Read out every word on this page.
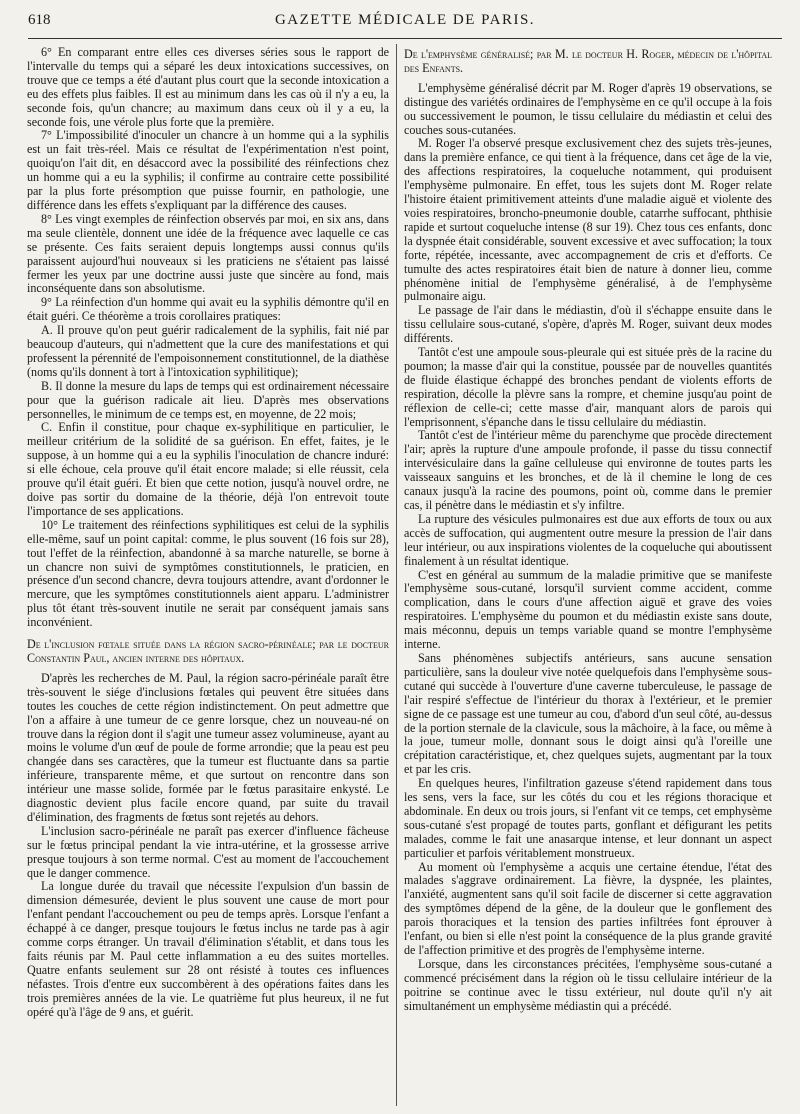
618	GAZETTE MÉDICALE DE PARIS.

6° En comparant entre elles ces diverses séries sous le rapport de l'intervalle du temps qui a séparé les deux intoxications successives, on trouve que ce temps a été d'autant plus court que la seconde intoxication a eu des effets plus faibles. Il est au minimum dans les cas où il n'y a eu, la seconde fois, qu'un chancre; au maximum dans ceux où il y a eu, la seconde fois, une vérole plus forte que la première.

7° L'impossibilité d'inoculer un chancre à un homme qui a la syphilis est un fait très-réel. Mais ce résultat de l'expérimentation n'est point, quoiqu'on l'ait dit, en désaccord avec la possibilité des réinfections chez un homme qui a eu la syphilis; il confirme au contraire cette possibilité par la plus forte présomption que puisse fournir, en pathologie, une différence dans les effets s'expliquant par la différence des causes.

8° Les vingt exemples de réinfection observés par moi, en six ans, dans ma seule clientèle, donnent une idée de la fréquence avec laquelle ce cas se présente. Ces faits seraient depuis longtemps aussi connus qu'ils paraissent aujourd'hui nouveaux si les praticiens ne s'étaient pas laissé fermer les yeux par une doctrine aussi juste que sincère au fond, mais inconséquente dans son absolutisme.

9° La réinfection d'un homme qui avait eu la syphilis démontre qu'il en était guéri. Ce théorème a trois corollaires pratiques:

A. Il prouve qu'on peut guérir radicalement de la syphilis, fait nié par beaucoup d'auteurs, qui n'admettent que la cure des manifestations et qui professent la pérennité de l'empoisonnement constitutionnel, de la diathèse (noms qu'ils donnent à tort à l'intoxication syphilitique);

B. Il donne la mesure du laps de temps qui est ordinairement nécessaire pour que la guérison radicale ait lieu. D'après mes observations personnelles, le minimum de ce temps est, en moyenne, de 22 mois;

C. Enfin il constitue, pour chaque ex-syphilitique en particulier, le meilleur critérium de la solidité de sa guérison. En effet, faites, je le suppose, à un homme qui a eu la syphilis l'inoculation de chancre induré: si elle échoue, cela prouve qu'il était encore malade; si elle réussit, cela prouve qu'il était guéri. Et bien que cette notion, jusqu'à nouvel ordre, ne doive pas sortir du domaine de la théorie, déjà l'on entrevoit toute l'importance de ses applications.

10° Le traitement des réinfections syphilitiques est celui de la syphilis elle-même, sauf un point capital: comme, le plus souvent (16 fois sur 28), tout l'effet de la réinfection, abandonné à sa marche naturelle, se borne à un chancre non suivi de symptômes constitutionnels, le praticien, en présence d'un second chancre, devra toujours attendre, avant d'ordonner le mercure, que les symptômes constitutionnels aient apparu. L'administrer plus tôt étant très-souvent inutile ne serait par conséquent jamais sans inconvénient.

De l'inclusion fœtale située dans la région sacro-périnéale; par le docteur Constantin Paul, ancien interne des hôpitaux.

D'après les recherches de M. Paul, la région sacro-périnéale paraît être très-souvent le siége d'inclusions fœtales qui peuvent être situées dans toutes les couches de cette région indistinctement. On peut admettre que l'on a affaire à une tumeur de ce genre lorsque, chez un nouveau-né on trouve dans la région dont il s'agit une tumeur assez volumineuse, ayant au moins le volume d'un œuf de poule de forme arrondie; que la peau est peu changée dans ses caractères, que la tumeur est fluctuante dans sa partie inférieure, transparente même, et que surtout on rencontre dans son intérieur une masse solide, formée par le fœtus parasitaire enkysté. Le diagnostic devient plus facile encore quand, par suite du travail d'élimination, des fragments de fœtus sont rejetés au dehors.

L'inclusion sacro-périnéale ne paraît pas exercer d'influence fâcheuse sur le fœtus principal pendant la vie intra-utérine, et la grossesse arrive presque toujours à son terme normal. C'est au moment de l'accouchement que le danger commence.

La longue durée du travail que nécessite l'expulsion d'un bassin de dimension démesurée, devient le plus souvent une cause de mort pour l'enfant pendant l'accouchement ou peu de temps après. Lorsque l'enfant a échappé à ce danger, presque toujours le fœtus inclus ne tarde pas à agir comme corps étranger. Un travail d'élimination s'établit, et dans tous les faits réunis par M. Paul cette inflammation a eu des suites mortelles. Quatre enfants seulement sur 28 ont résisté à toutes ces influences néfastes. Trois d'entre eux succombèrent à des opérations faites dans les trois premières années de la vie. Le quatrième fut plus heureux, il ne fut opéré qu'à l'âge de 9 ans, et guérit.

De l'emphysème généralisé; par M. le docteur H. Roger, médecin de l'hôpital des Enfants.

L'emphysème généralisé décrit par M. Roger d'après 19 observations, se distingue des variétés ordinaires de l'emphysème en ce qu'il occupe à la fois ou successivement le poumon, le tissu cellulaire du médiastin et celui des couches sous-cutanées.

M. Roger l'a observé presque exclusivement chez des sujets très-jeunes, dans la première enfance, ce qui tient à la fréquence, dans cet âge de la vie, des affections respiratoires, la coqueluche notamment, qui produisent l'emphysème pulmonaire. En effet, tous les sujets dont M. Roger relate l'histoire étaient primitivement atteints d'une maladie aiguë et violente des voies respiratoires, broncho-pneumonie double, catarrhe suffocant, phthisie rapide et surtout coqueluche intense (8 sur 19). Chez tous ces enfants, donc la dyspnée était considérable, souvent excessive et avec suffocation; la toux forte, répétée, incessante, avec accompagnement de cris et d'efforts. Ce tumulte des actes respiratoires était bien de nature à donner lieu, comme phénomène initial de l'emphysème généralisé, à de l'emphysème pulmonaire aigu.

Le passage de l'air dans le médiastin, d'où il s'échappe ensuite dans le tissu cellulaire sous-cutané, s'opère, d'après M. Roger, suivant deux modes différents.

Tantôt c'est une ampoule sous-pleurale qui est située près de la racine du poumon; la masse d'air qui la constitue, poussée par de nouvelles quantités de fluide élastique échappé des bronches pendant de violents efforts de respiration, décolle la plèvre sans la rompre, et chemine jusqu'au point de réflexion de celle-ci; cette masse d'air, manquant alors de parois qui l'emprisonnent, s'épanche dans le tissu cellulaire du médiastin.

Tantôt c'est de l'intérieur même du parenchyme que procède directement l'air; après la rupture d'une ampoule profonde, il passe du tissu connectif intervésiculaire dans la gaîne celluleuse qui environne de toutes parts les vaisseaux sanguins et les bronches, et de là il chemine le long de ces canaux jusqu'à la racine des poumons, point où, comme dans le premier cas, il pénètre dans le médiastin et s'y infiltre.

La rupture des vésicules pulmonaires est due aux efforts de toux ou aux accès de suffocation, qui augmentent outre mesure la pression de l'air dans leur intérieur, ou aux inspirations violentes de la coqueluche qui aboutissent finalement à un résultat identique.

C'est en général au summum de la maladie primitive que se manifeste l'emphysème sous-cutané, lorsqu'il survient comme accident, comme complication, dans le cours d'une affection aiguë et grave des voies respiratoires. L'emphysème du poumon et du médiastin existe sans doute, mais méconnu, depuis un temps variable quand se montre l'emphysème interne.

Sans phénomènes subjectifs antérieurs, sans aucune sensation particulière, sans la douleur vive notée quelquefois dans l'emphysème sous-cutané qui succède à l'ouverture d'une caverne tuberculeuse, le passage de l'air respiré s'effectue de l'intérieur du thorax à l'extérieur, et le premier signe de ce passage est une tumeur au cou, d'abord d'un seul côté, au-dessus de la portion sternale de la clavicule, sous la mâchoire, à la face, ou même à la joue, tumeur molle, donnant sous le doigt ainsi qu'à l'oreille une crépitation caractéristique, et, chez quelques sujets, augmentant par la toux et par les cris.

En quelques heures, l'infiltration gazeuse s'étend rapidement dans tous les sens, vers la face, sur les côtés du cou et les régions thoracique et abdominale. En deux ou trois jours, si l'enfant vit ce temps, cet emphysème sous-cutané s'est propagé de toutes parts, gonflant et défigurant les petits malades, comme le fait une anasarque intense, et leur donnant un aspect particulier et parfois véritablement monstrueux.

Au moment où l'emphysème a acquis une certaine étendue, l'état des malades s'aggrave ordinairement. La fièvre, la dyspnée, les plaintes, l'anxiété, augmentent sans qu'il soit facile de discerner si cette aggravation des symptômes dépend de la gêne, de la douleur que le gonflement des parois thoraciques et la tension des parties infiltrées font éprouver à l'enfant, ou bien si elle n'est point la conséquence de la plus grande gravité de l'affection primitive et des progrès de l'emphysème interne.

Lorsque, dans les circonstances précitées, l'emphysème sous-cutané a commencé précisément dans la région où le tissu cellulaire intérieur de la poitrine se continue avec le tissu extérieur, nul doute qu'il n'y ait simultanément un emphysème médiastin qui a précédé.
